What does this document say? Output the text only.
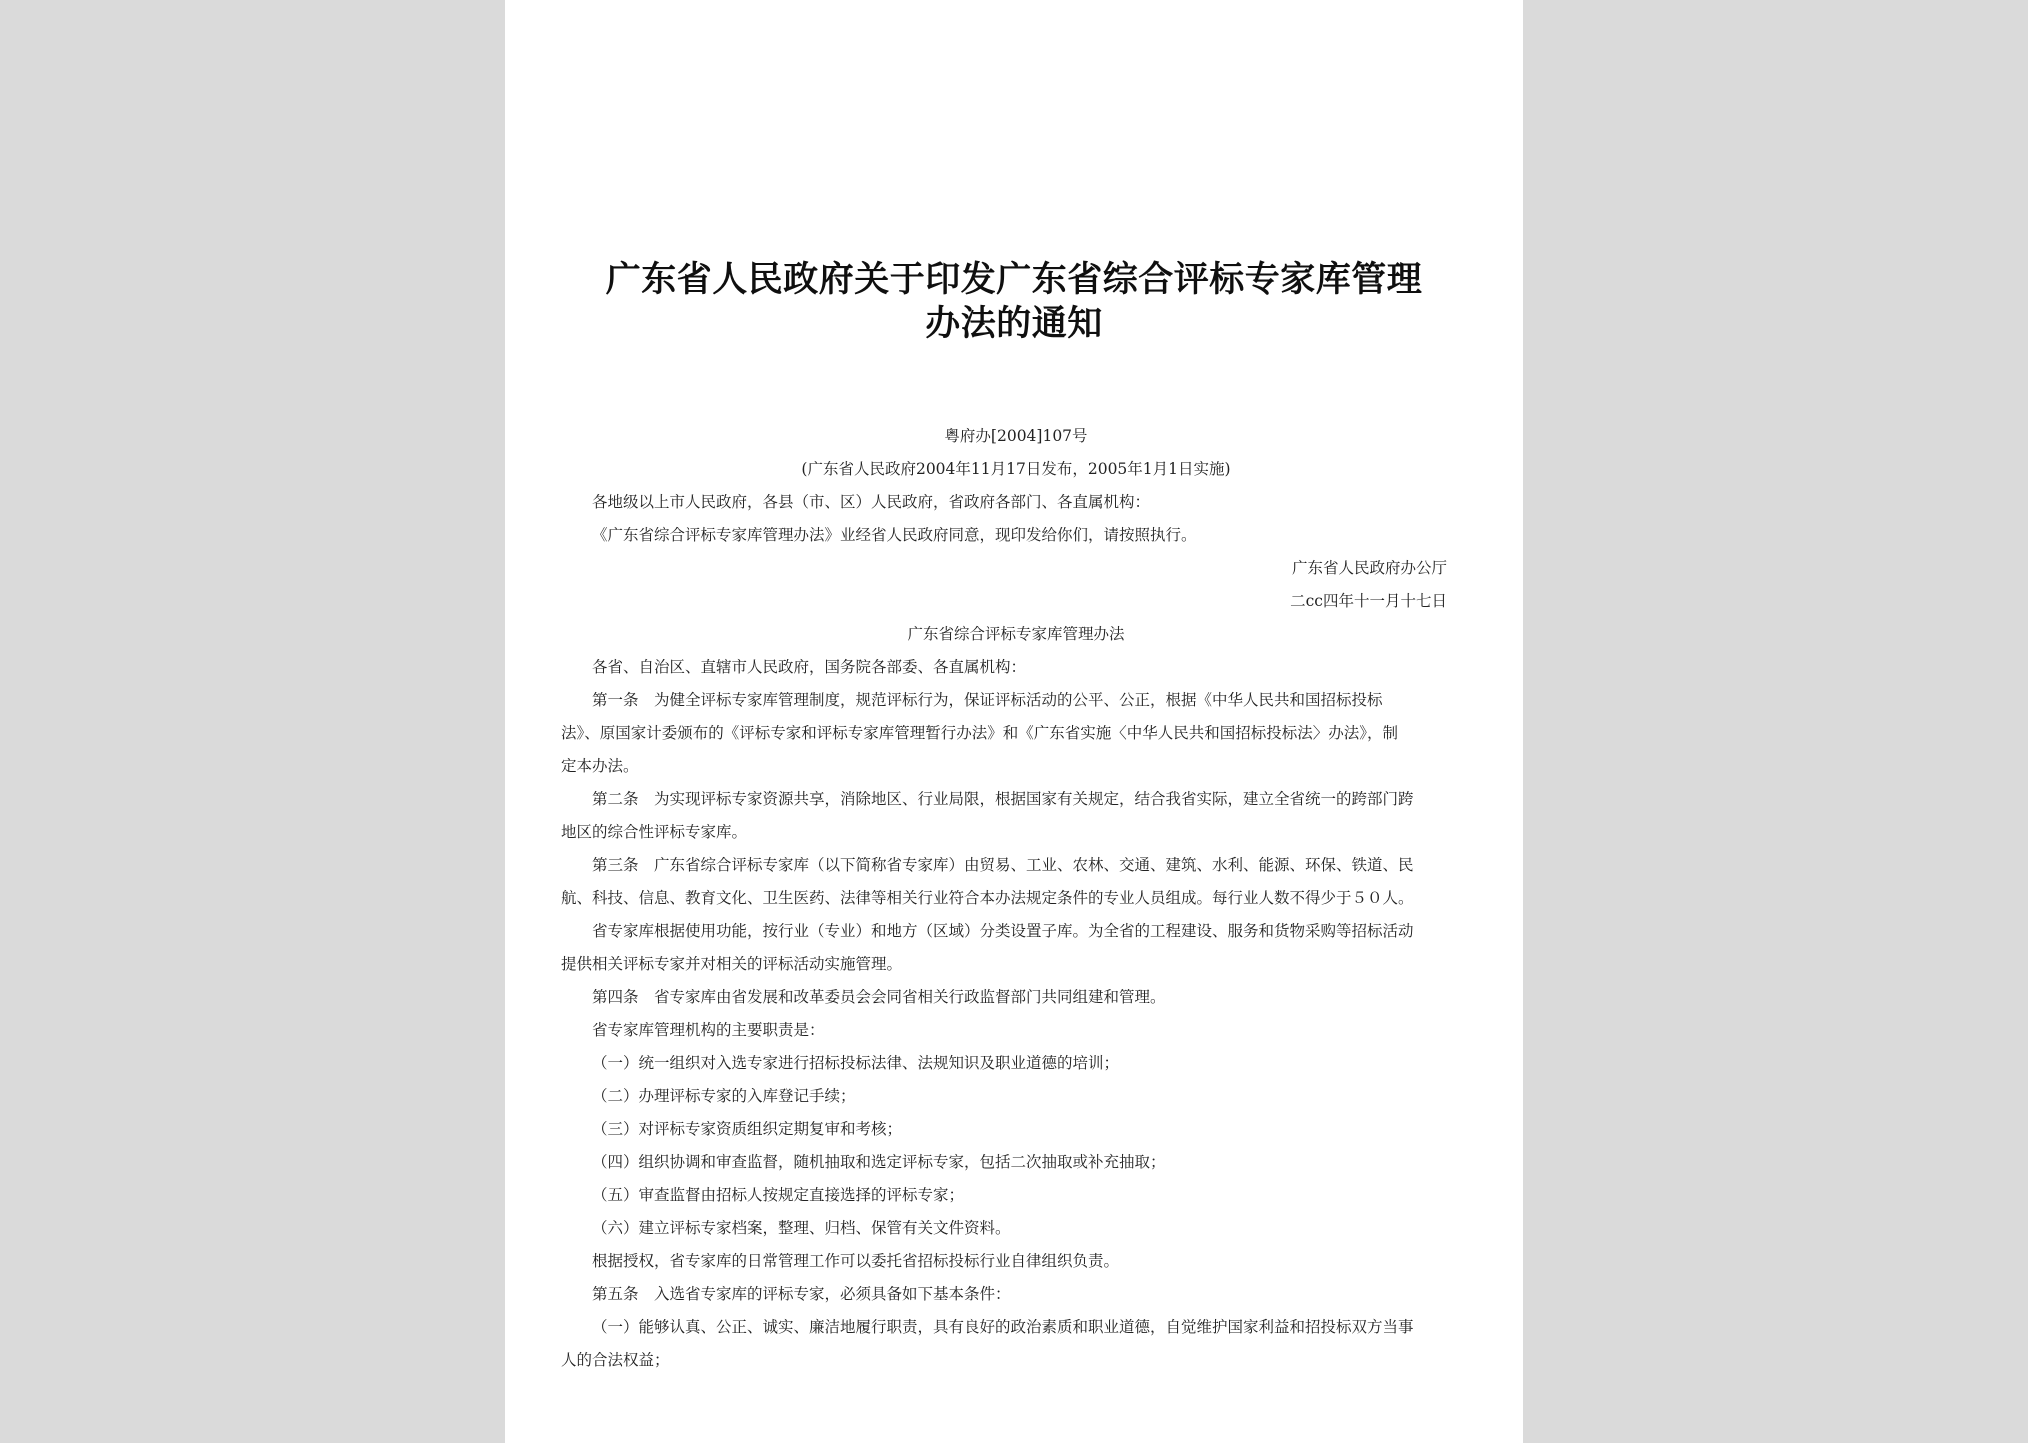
广东省人民政府关于印发广东省综合评标专家库管理
办法的通知

粤府办[2004]107号

(广东省人民政府2004年11月17日发布，2005年1月1日实施)

各地级以上市人民政府，各县（市、区）人民政府，省政府各部门、各直属机构：

《广东省综合评标专家库管理办法》业经省人民政府同意，现印发给你们，请按照执行。

广东省人民政府办公厅

二cc四年十一月十七日

广东省综合评标专家库管理办法

各省、自治区、直辖市人民政府，国务院各部委、各直属机构：

第一条　为健全评标专家库管理制度，规范评标行为，保证评标活动的公平、公正，根据《中华人民共和国招标投标

法》、原国家计委颁布的《评标专家和评标专家库管理暂行办法》和《广东省实施〈中华人民共和国招标投标法〉办法》，制

定本办法。

第二条　为实现评标专家资源共享，消除地区、行业局限，根据国家有关规定，结合我省实际，建立全省统一的跨部门跨

地区的综合性评标专家库。

第三条　广东省综合评标专家库（以下简称省专家库）由贸易、工业、农林、交通、建筑、水利、能源、环保、铁道、民

航、科技、信息、教育文化、卫生医药、法律等相关行业符合本办法规定条件的专业人员组成。每行业人数不得少于５０人。

省专家库根据使用功能，按行业（专业）和地方（区域）分类设置子库。为全省的工程建设、服务和货物采购等招标活动

提供相关评标专家并对相关的评标活动实施管理。

第四条　省专家库由省发展和改革委员会会同省相关行政监督部门共同组建和管理。

省专家库管理机构的主要职责是：

（一）统一组织对入选专家进行招标投标法律、法规知识及职业道德的培训；

（二）办理评标专家的入库登记手续；

（三）对评标专家资质组织定期复审和考核；

（四）组织协调和审查监督，随机抽取和选定评标专家，包括二次抽取或补充抽取；

（五）审查监督由招标人按规定直接选择的评标专家；

（六）建立评标专家档案，整理、归档、保管有关文件资料。

根据授权，省专家库的日常管理工作可以委托省招标投标行业自律组织负责。

第五条　入选省专家库的评标专家，必须具备如下基本条件：

（一）能够认真、公正、诚实、廉洁地履行职责，具有良好的政治素质和职业道德，自觉维护国家利益和招投标双方当事

人的合法权益；
